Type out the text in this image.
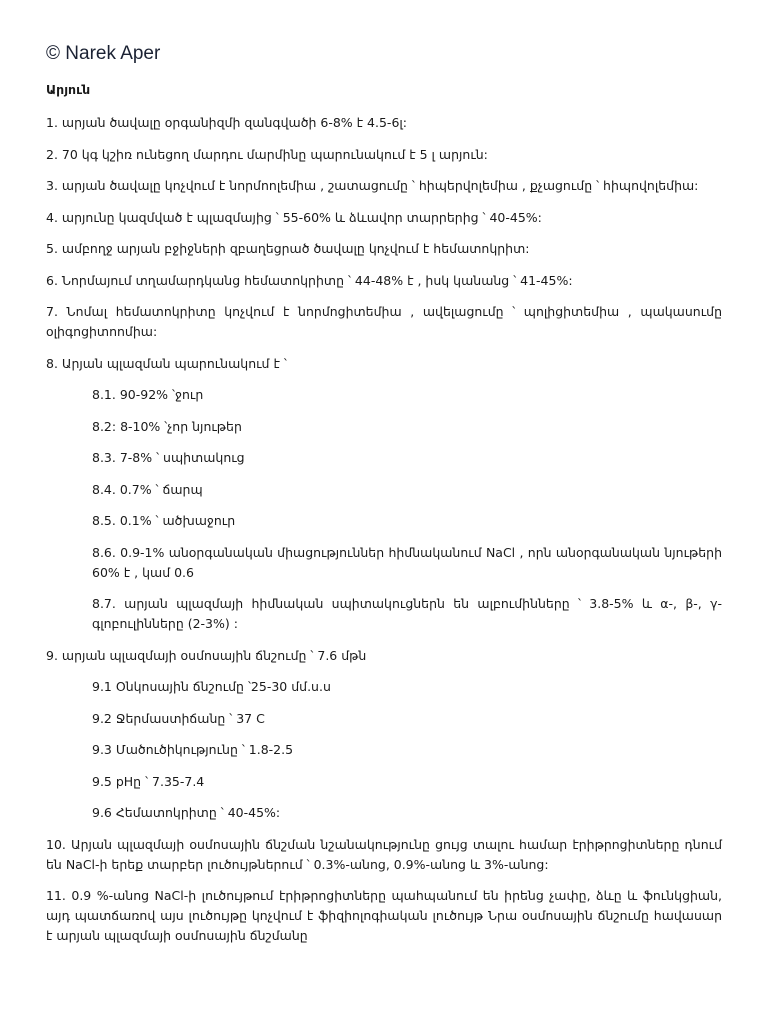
© Narek Aper
Արյուն
1. արյան ծավալը օրգանիզմի զանգվածի 6-8% է 4.5-6լ:
2. 70 կգ կշիռ ունեցող մարդու մարմինը պարունակում է 5 լ արյուն:
3. արյան ծավալը կոչվում է նորմոոլեմիա , շատացումը ՝ հիպերվոլեմիա , քչացումը ՝ հիպովոլեմիա:
4. արյունը կազմված է պլազմայից ՝ 55-60% և ձևավոր տարրերից ՝ 40-45%:
5. ամբողջ արյան բջիջների զբաղեցրած ծավալը կոչվում է հեմատոկրիտ:
6. Նորմայում տղամարդկանց հեմատոկրիտը ՝ 44-48% է , իսկ կանանց ՝ 41-45%:
7. Նոմալ հեմատոկրիտը կոչվում է նորմոցիտեմիա , ավելացումը ՝ պոլիցիտեմիա , պակասումը օլիգոցիտոոմիա:
8. Արյան պլազման պարունակում է ՝
8.1. 90-92% ՝ջուր
8.2: 8-10% ՝չոր նյութեր
8.3. 7-8% ՝ սպիտակուց
8.4. 0.7% ՝ ճարպ
8.5. 0.1% ՝ ածխաջուր
8.6. 0.9-1% անօրգանական միացություններ հիմնականում NaCl , որն անօրգանական նյութերի 60% է , կամ 0.6
8.7. արյան պլազմայի հիմնական սպիտակուցներն են ալբումինները ՝ 3.8-5% և α-, β-, γ-գլոբուլինները (2-3%) :
9. արյան պլազմայի օսմոսային ճնշումը ՝ 7.6 մթն
9.1 Օնկոսային ճնշումը ՝25-30 մմ.ս.ս
9.2 Ջերմաստիճանը ՝ 37 C
9.3 Մածուծիկությունը ՝ 1.8-2.5
9.5 pHը ՝ 7.35-7.4
9.6 Հեմատոկրիտը ՝ 40-45%:
10. Արյան պլազմայի օսմոսային ճնշման նշանակությունը ցույց տալու համար էրիթրոցիտները դնում են NaCl-ի երեք տարբեր լուծույթներում ՝ 0.3%-անոց, 0.9%-անոց և 3%-անոց:
11. 0.9 %-անոց NaCl-ի լուծույթում էրիթրոցիտները պահպանում են իրենց չափը, ձևը և ֆունկցիան, այդ պատճառով այս լուծույթը կոչվում է ֆիզիոլոգիական լուծույթ Նրա օսմոսային ճնշումը հավասար է արյան պլազմայի օսմոսային ճնշմանը
